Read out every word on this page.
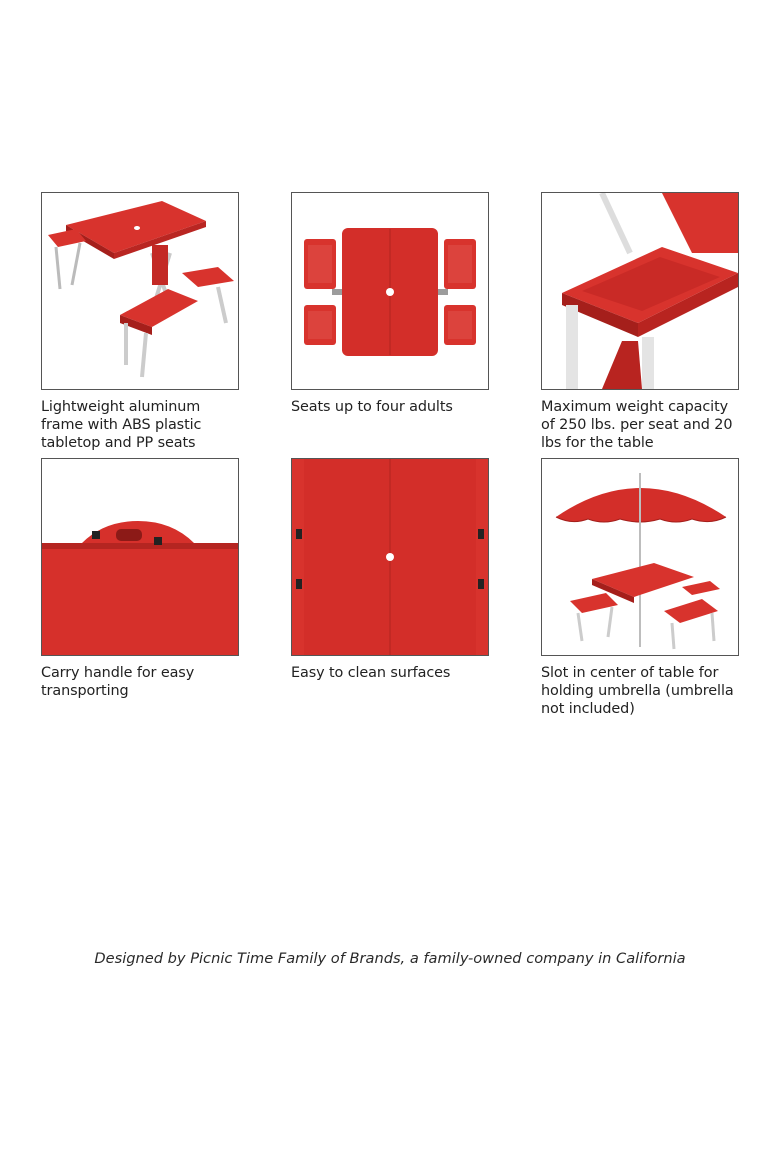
Lightweight aluminum frame with ABS plastic tabletop and PP seats
Seats up to four adults	Maximum weight capacity of 250 lbs. per seat and 20 lbs for the table
Carry handle for easy transporting
Easy to clean surfaces	Slot in center of table for holding umbrella (umbrella not included)
Designed by Picnic Time Family of Brands, a family-owned company in California
